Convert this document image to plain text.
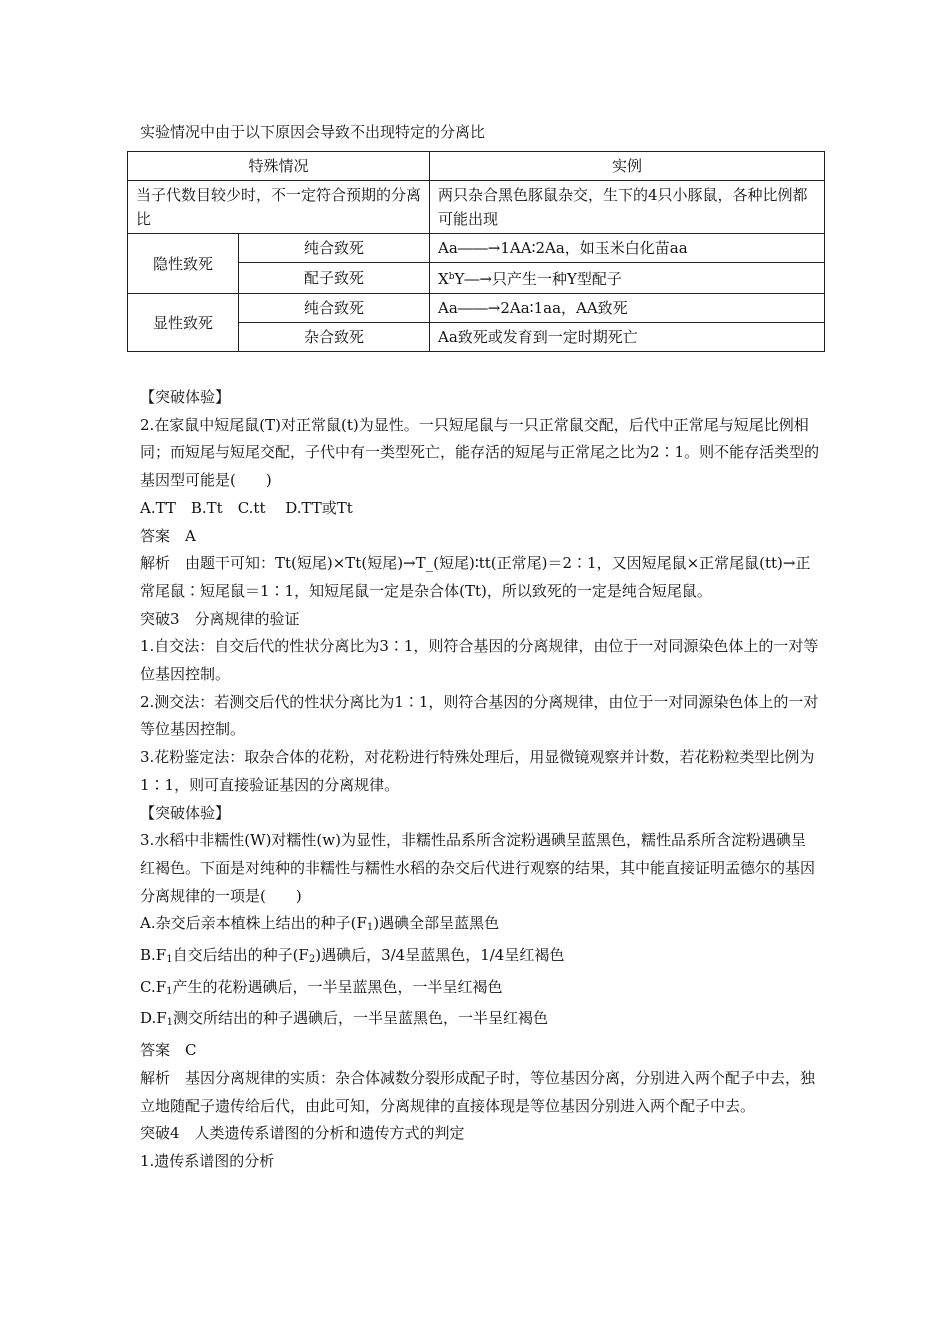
实验情况中由于以下原因会导致不出现特定的分离比
特殊情况		实例
当子代数目较少时，不一定符合预期的分离比		两只杂合黑色豚鼠杂交，生下的4只小豚鼠，各种比例都可能出现
隐性致死	纯合致死	Aa――→1AA∶2Aa，如玉米白化苗aa
	配子致死	$X^bY―\to$只产生一种Y型配子
显性致死	纯合致死	Aa――→2Aa∶1aa，AA致死
	杂合致死	Aa致死或发育到一定时期死亡

【突破体验】

2.在家鼠中短尾鼠(T)对正常鼠(t)为显性。一只短尾鼠与一只正常鼠交配，后代中正常尾与短尾比例相同；而短尾与短尾交配，子代中有一类型死亡，能存活的短尾与正常尾之比为2∶1。则不能存活类型的基因型可能是(　　)

A.TT　B.Tt　C.tt　 D.TT或Tt

答案　A

解析　由题干可知：Tt(短尾)×Tt(短尾)→T_(短尾)∶tt(正常尾)＝2∶1，又因短尾鼠×正常尾鼠(tt)→正常尾鼠∶短尾鼠＝1∶1，知短尾鼠一定是杂合体(Tt)，所以致死的一定是纯合短尾鼠。

突破3　分离规律的验证

1.自交法：自交后代的性状分离比为3∶1，则符合基因的分离规律，由位于一对同源染色体上的一对等位基因控制。

2.测交法：若测交后代的性状分离比为1∶1，则符合基因的分离规律，由位于一对同源染色体上的一对等位基因控制。

3.花粉鉴定法：取杂合体的花粉，对花粉进行特殊处理后，用显微镜观察并计数，若花粉粒类型比例为1∶1，则可直接验证基因的分离规律。

【突破体验】

3.水稻中非糯性(W)对糯性(w)为显性，非糯性品系所含淀粉遇碘呈蓝黑色，糯性品系所含淀粉遇碘呈红褐色。下面是对纯种的非糯性与糯性水稻的杂交后代进行观察的结果，其中能直接证明孟德尔的基因分离规律的一项是(　　)

A.杂交后亲本植株上结出的种子$(F_1)$遇碘全部呈蓝黑色

$B.F_1$自交后结出的种子$(F_2)$遇碘后，3/4呈蓝黑色，1/4呈红褐色

$C.F_1$产生的花粉遇碘后，一半呈蓝黑色，一半呈红褐色

$D.F_1$测交所结出的种子遇碘后，一半呈蓝黑色，一半呈红褐色

答案　C

解析　基因分离规律的实质：杂合体减数分裂形成配子时，等位基因分离，分别进入两个配子中去，独立地随配子遗传给后代，由此可知，分离规律的直接体现是等位基因分别进入两个配子中去。

突破4　人类遗传系谱图的分析和遗传方式的判定

1.遗传系谱图的分析
